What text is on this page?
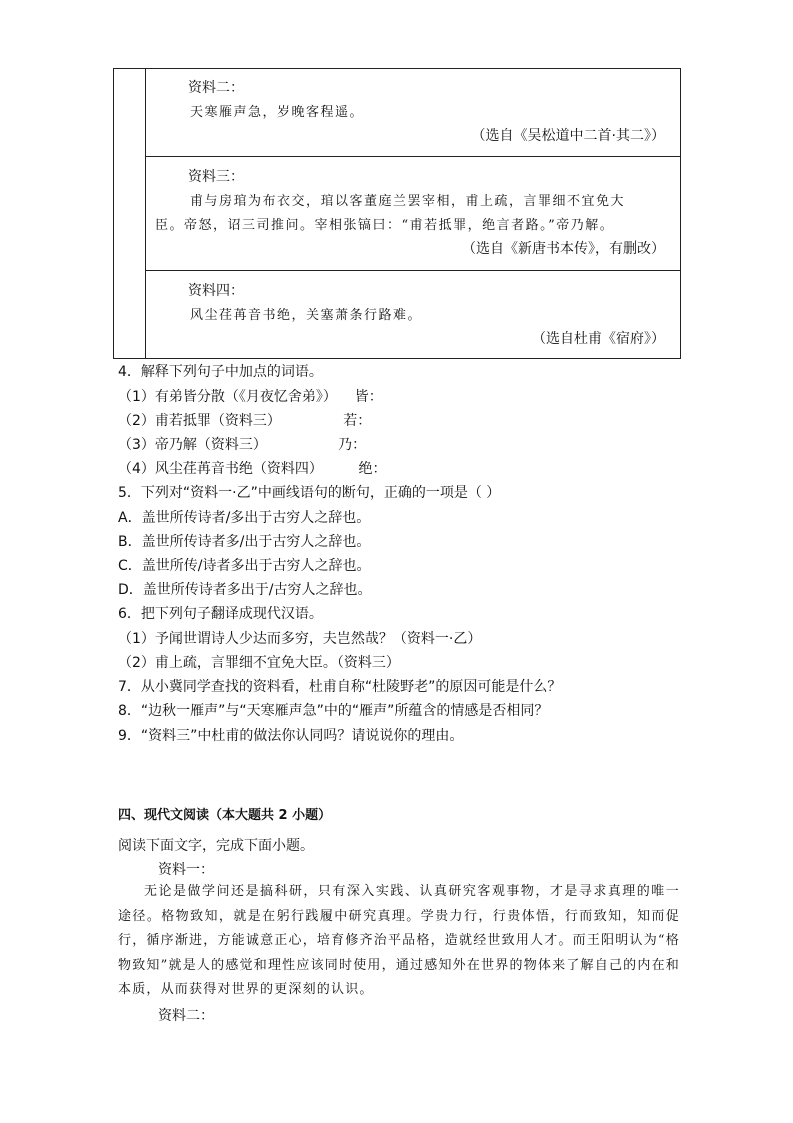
资料二：
天寒雁声急，岁晚客程遥。
（选自《吴松道中二首·其二》）
资料三：
甫与房琯为布衣交，琯以客董庭兰罢宰相，甫上疏，言罪细不宜免大
臣。帝怒，诏三司推问。宰相张镐曰：“甫若抵罪，绝言者路。”帝乃解。
（选自《新唐书本传》，有删改）
资料四：
风尘荏苒音书绝，关塞萧条行路难。
（选自杜甫《宿府》）
4．解释下列句子中加点的词语。
（1）有弟皆分散（《月夜忆舍弟》）    皆：
（2）甫若抵罪（资料三）              若：
（3）帝乃解（资料三）                乃：
（4）风尘荏苒音书绝（资料四）        绝：
5．下列对“资料一·乙”中画线语句的断句，正确的一项是（ ）
A．盖世所传诗者/多出于古穷人之辞也。
B．盖世所传诗者多/出于古穷人之辞也。
C．盖世所传/诗者多出于古穷人之辞也。
D．盖世所传诗者多出于/古穷人之辞也。
6．把下列句子翻译成现代汉语。
（1）予闻世谓诗人少达而多穷，夫岂然哉？（资料一·乙）
（2）甫上疏，言罪细不宜免大臣。（资料三）
7．从小冀同学查找的资料看，杜甫自称“杜陵野老”的原因可能是什么？
8．“边秋一雁声”与“天寒雁声急”中的“雁声”所蕴含的情感是否相同？
9．“资料三”中杜甫的做法你认同吗？请说说你的理由。
四、现代文阅读（本大题共 2 小题）
阅读下面文字，完成下面小题。
资料一：
无论是做学问还是搞科研，只有深入实践、认真研究客观事物，才是寻求真理的唯一途径。格物致知，就是在躬行践履中研究真理。学贵力行，行贵体悟，行而致知，知而促行，循序渐进，方能诚意正心，培育修齐治平品格，造就经世致用人才。而王阳明认为“格物致知”就是人的感觉和理性应该同时使用，通过感知外在世界的物体来了解自己的内在和本质，从而获得对世界的更深刻的认识。
资料二：
